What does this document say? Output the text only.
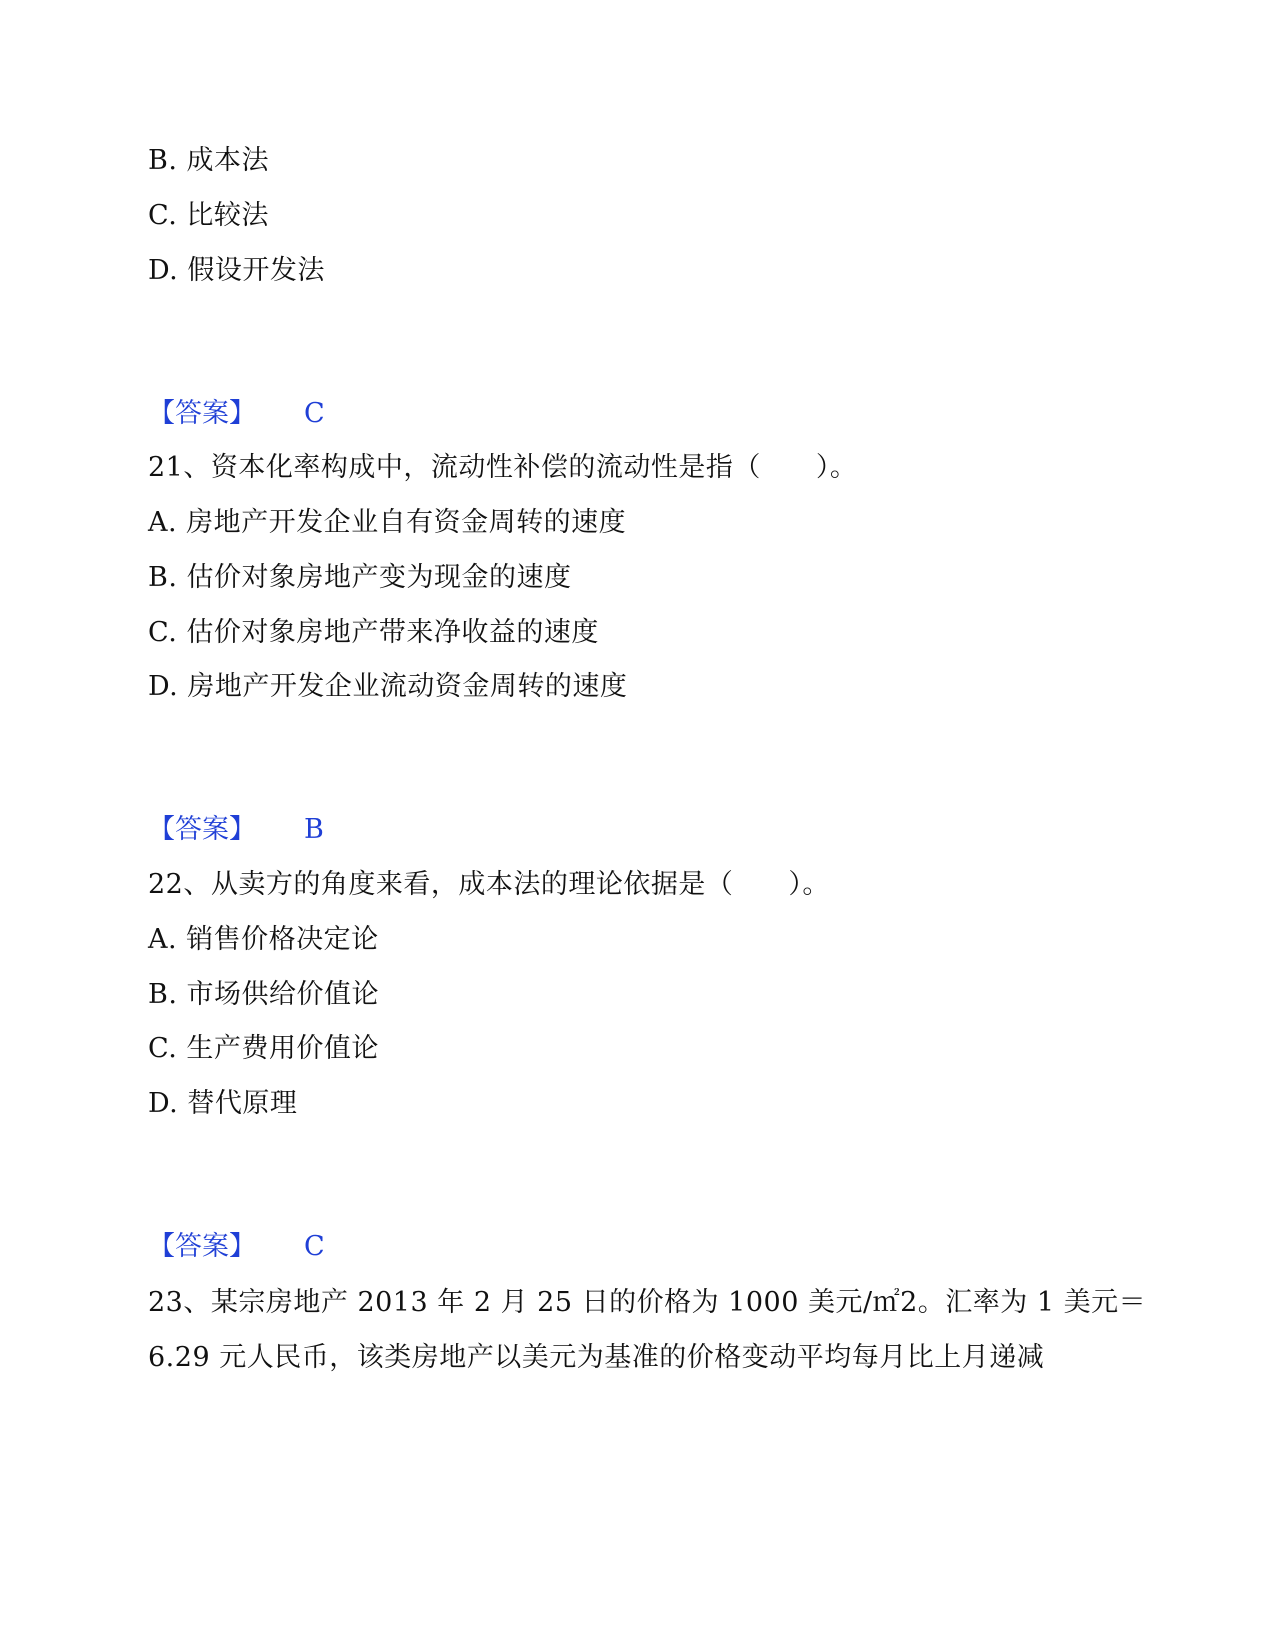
B. 成本法
C. 比较法
D. 假设开发法
【答案】 C
21、资本化率构成中，流动性补偿的流动性是指（　　）。
A. 房地产开发企业自有资金周转的速度
B. 估价对象房地产变为现金的速度
C. 估价对象房地产带来净收益的速度
D. 房地产开发企业流动资金周转的速度
【答案】 B
22、从卖方的角度来看，成本法的理论依据是（　　）。
A. 销售价格决定论
B. 市场供给价值论
C. 生产费用价值论
D. 替代原理
【答案】 C
23、某宗房地产 2013 年 2 月 25 日的价格为 1000 美元/㎡2。汇率为 1 美元＝
6.29 元人民币，该类房地产以美元为基准的价格变动平均每月比上月递减
